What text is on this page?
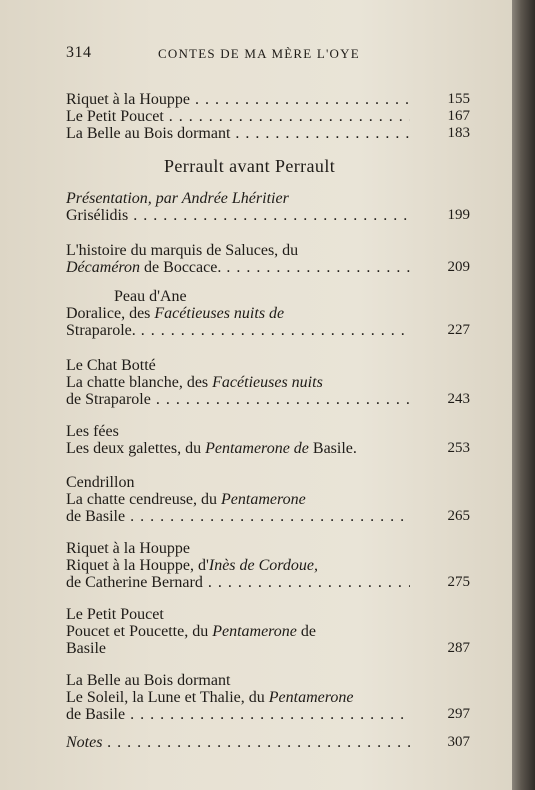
314	CONTES DE MA MÈRE L'OYE
Riquet à la Houppe . . .	155
Le Petit Poucet . . .	167
La Belle au Bois dormant . . .	183
Perrault avant Perrault
Présentation, par Andrée Lhéritier
Grisélidis . . .	199
L'histoire du marquis de Saluces, du
Décaméron de Boccace. . . .	209
Peau d'Ane
Doralice, des Facétieuses nuits de
Straparole. . . .	227
Le Chat Botté
La chatte blanche, des Facétieuses nuits
de Straparole . . .	243
Les fées
Les deux galettes, du Pentamerone de Basile.	253
Cendrillon
La chatte cendreuse, du Pentamerone
de Basile . . .	265
Riquet à la Houppe
Riquet à la Houppe, d'Inès de Cordoue,
de Catherine Bernard . . .	275
Le Petit Poucet
Poucet et Poucette, du Pentamerone de
Basile	287
La Belle au Bois dormant
Le Soleil, la Lune et Thalie, du Pentamerone
de Basile . . .	297
Notes . . .	307
